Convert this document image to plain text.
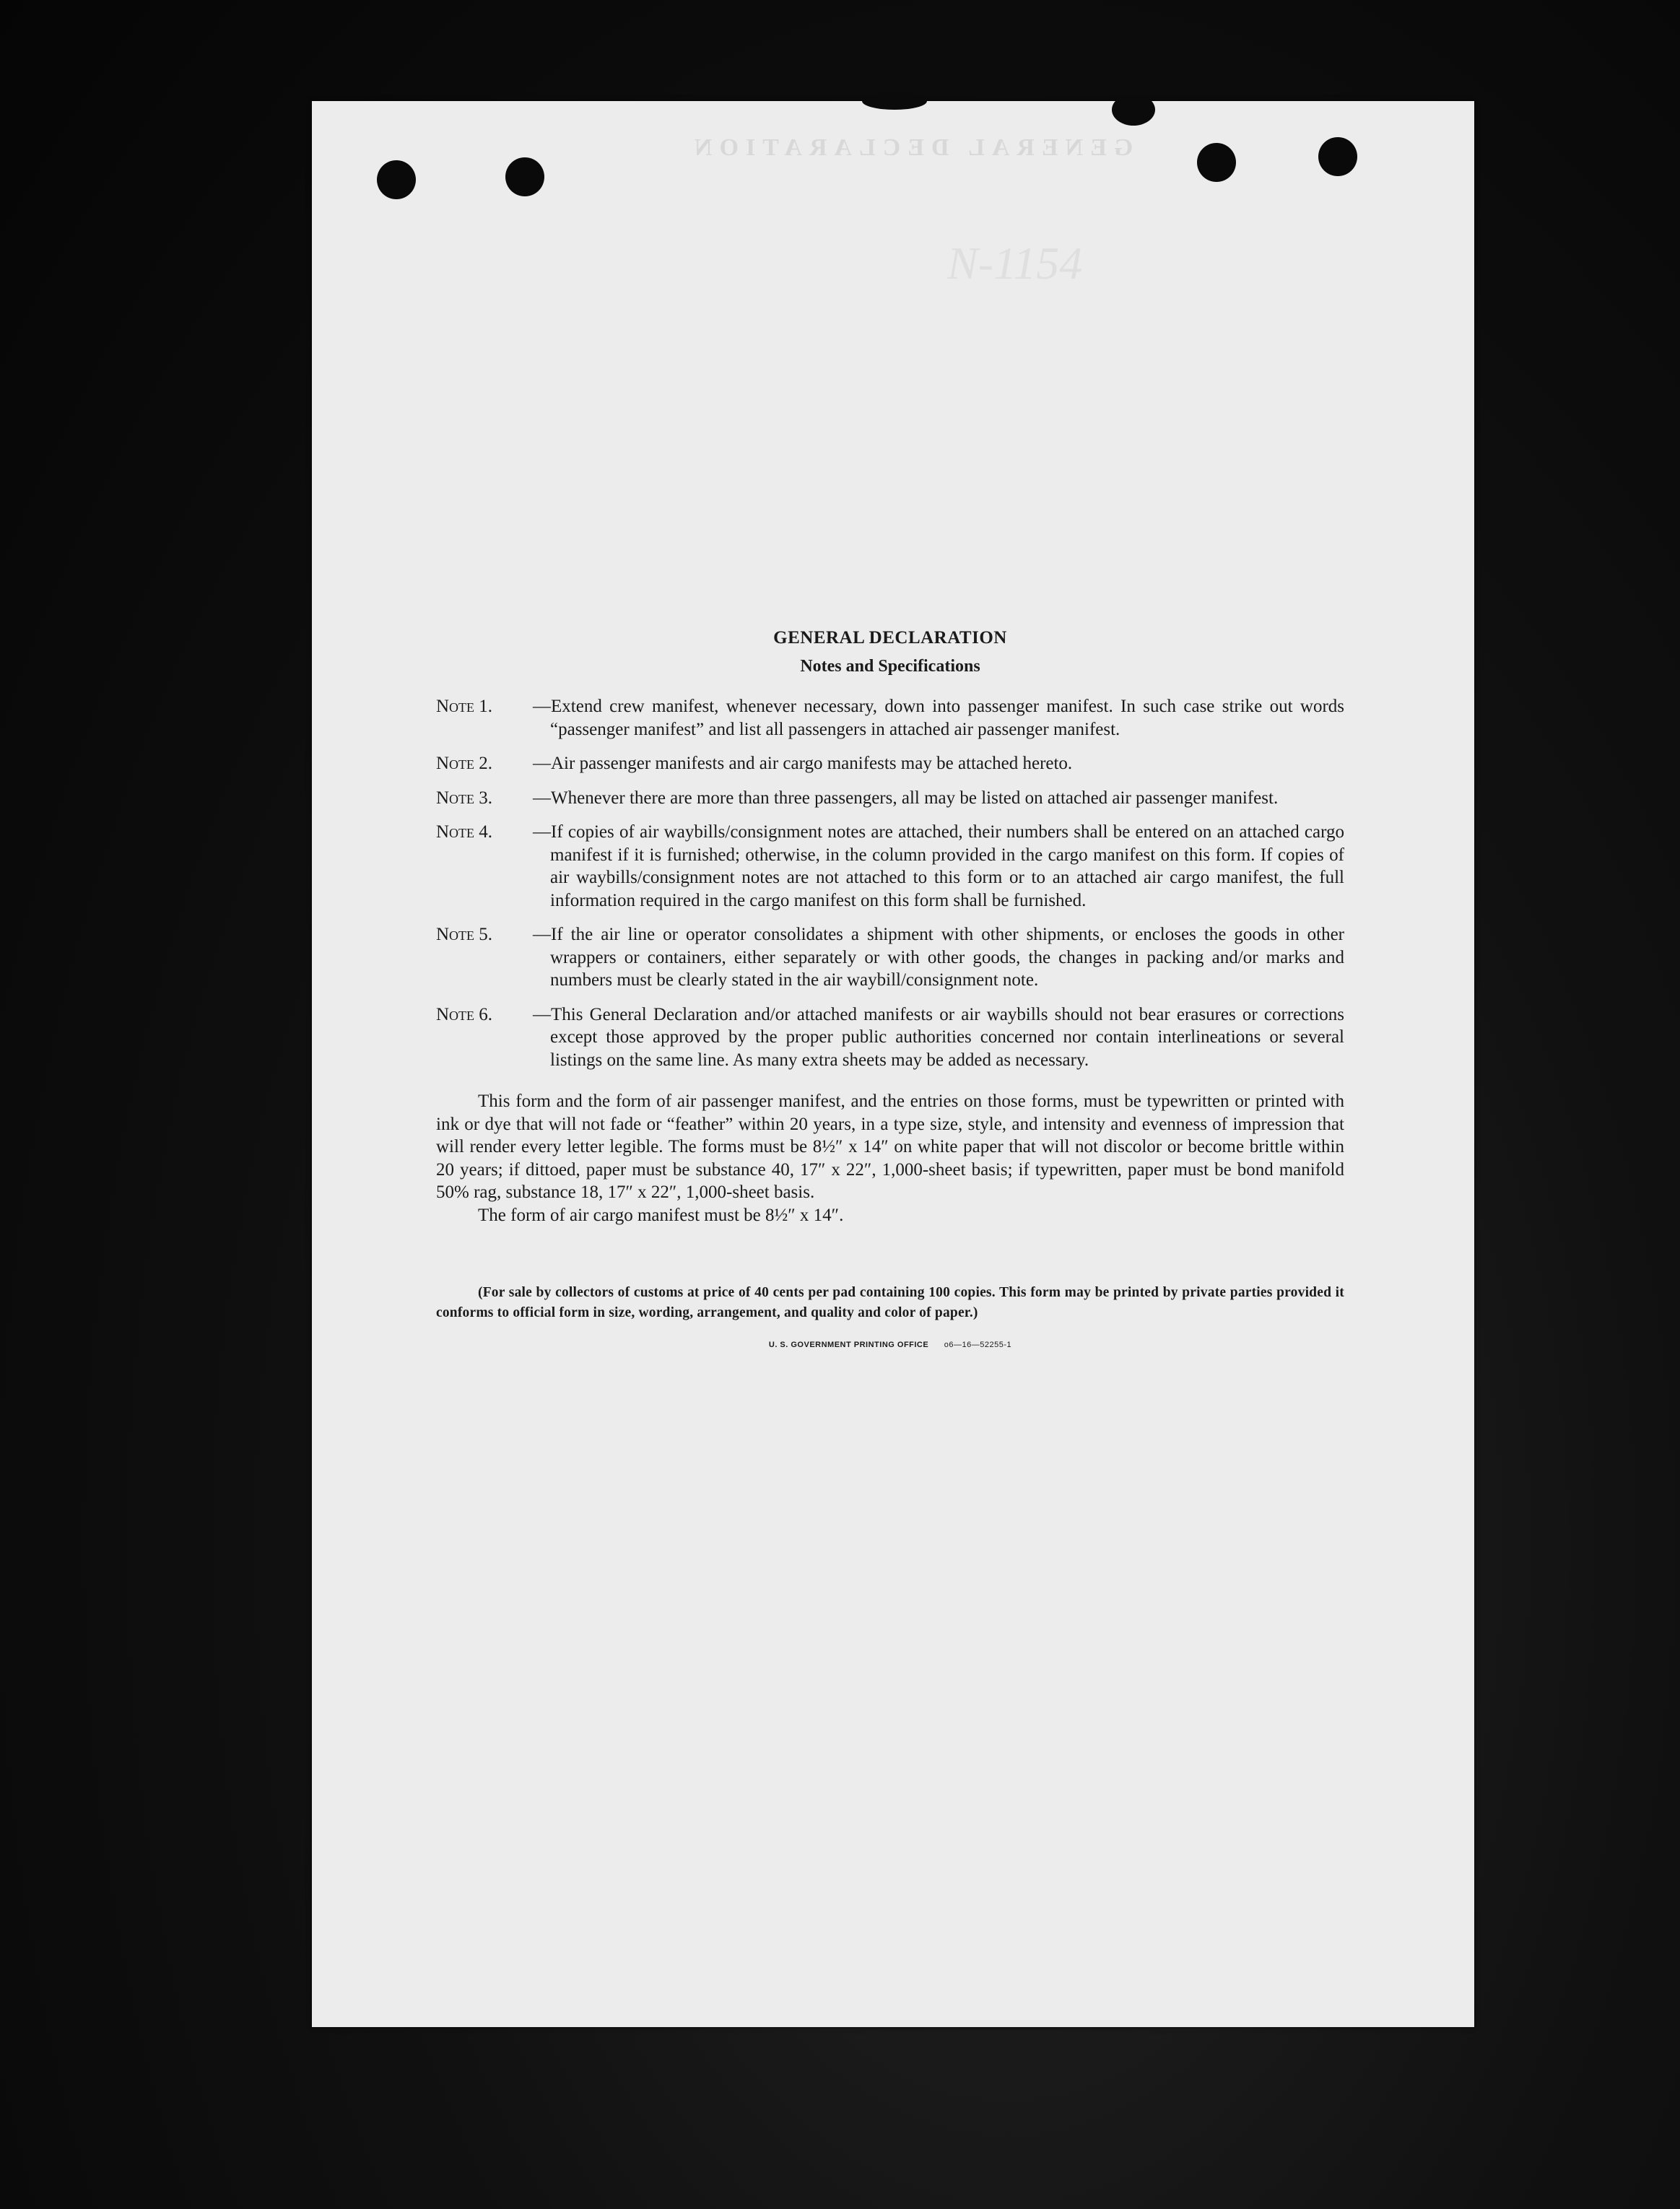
GENERAL DECLARATION
N-1154
GENERAL DECLARATION
Notes and Specifications
Note 1. —Extend crew manifest, whenever necessary, down into passenger manifest. In such case strike out words “passenger manifest” and list all passengers in attached air passenger manifest.
Note 2. —Air passenger manifests and air cargo manifests may be attached hereto.
Note 3. —Whenever there are more than three passengers, all may be listed on attached air passenger manifest.
Note 4. —If copies of air waybills/consignment notes are attached, their numbers shall be entered on an attached cargo manifest if it is furnished; otherwise, in the column provided in the cargo manifest on this form. If copies of air waybills/consignment notes are not attached to this form or to an attached air cargo manifest, the full information required in the cargo manifest on this form shall be furnished.
Note 5. —If the air line or operator consolidates a shipment with other shipments, or encloses the goods in other wrappers or containers, either separately or with other goods, the changes in packing and/or marks and numbers must be clearly stated in the air waybill/consignment note.
Note 6. —This General Declaration and/or attached manifests or air waybills should not bear erasures or corrections except those approved by the proper public authorities concerned nor contain interlineations or several listings on the same line. As many extra sheets may be added as necessary.
This form and the form of air passenger manifest, and the entries on those forms, must be typewritten or printed with ink or dye that will not fade or “feather” within 20 years, in a type size, style, and intensity and evenness of impression that will render every letter legible. The forms must be 8½″ x 14″ on white paper that will not discolor or become brittle within 20 years; if dittoed, paper must be substance 40, 17″ x 22″, 1,000-sheet basis; if typewritten, paper must be bond manifold 50% rag, substance 18, 17″ x 22″, 1,000-sheet basis.
The form of air cargo manifest must be 8½″ x 14″.
(For sale by collectors of customs at price of 40 cents per pad containing 100 copies. This form may be printed by private parties provided it conforms to official form in size, wording, arrangement, and quality and color of paper.)
U. S. GOVERNMENT PRINTING OFFICE o6—16—52255-1
